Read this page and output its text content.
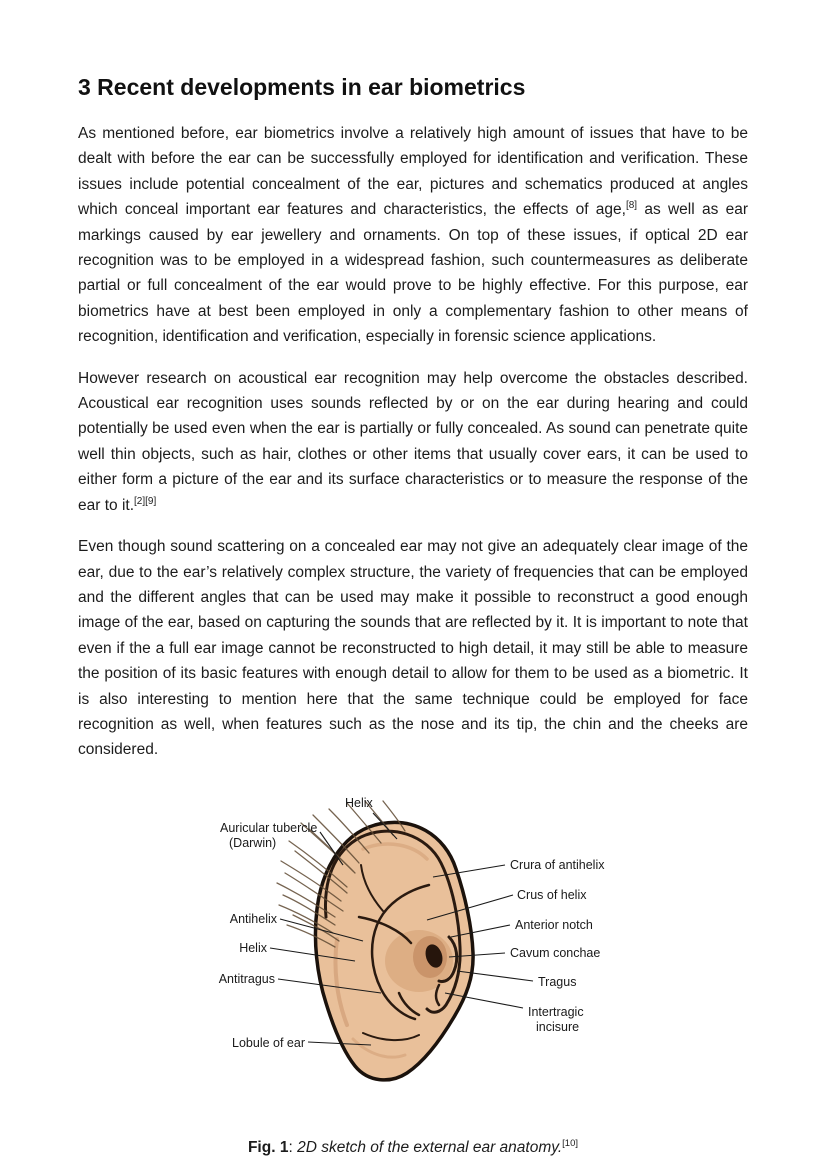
3 Recent developments in ear biometrics

As mentioned before, ear biometrics involve a relatively high amount of issues that have to be dealt with before the ear can be successfully employed for identification and verification. These issues include potential concealment of the ear, pictures and schematics produced at angles which conceal important ear features and characteristics, the effects of age,[8] as well as ear markings caused by ear jewellery and ornaments. On top of these issues, if optical 2D ear recognition was to be employed in a widespread fashion, such countermeasures as deliberate partial or full concealment of the ear would prove to be highly effective. For this purpose, ear biometrics have at best been employed in only a complementary fashion to other means of recognition, identification and verification, especially in forensic science applications.

However research on acoustical ear recognition may help overcome the obstacles described. Acoustical ear recognition uses sounds reflected by or on the ear during hearing and could potentially be used even when the ear is partially or fully concealed. As sound can penetrate quite well thin objects, such as hair, clothes or other items that usually cover ears, it can be used to either form a picture of the ear and its surface characteristics or to measure the response of the ear to it.[2][9]

Even though sound scattering on a concealed ear may not give an adequately clear image of the ear, due to the ear’s relatively complex structure, the variety of frequencies that can be employed and the different angles that can be used may make it possible to reconstruct a good enough image of the ear, based on capturing the sounds that are reflected by it. It is important to note that even if the a full ear image cannot be reconstructed to high detail, it may still be able to measure the position of its basic features with enough detail to allow for them to be used as a biometric. It is also interesting to mention here that the same technique could be employed for face recognition as well, when features such as the nose and its tip, the chin and the cheeks are considered.

Helix
Auricular tubercle
(Darwin)
Crura of antihelix
Crus of helix
Anterior notch
Cavum conchae
Tragus
Intertragic
incisure
Antihelix
Helix
Antitragus
Lobule of ear
Fig. 1: 2D sketch of the external ear anatomy.[10]
